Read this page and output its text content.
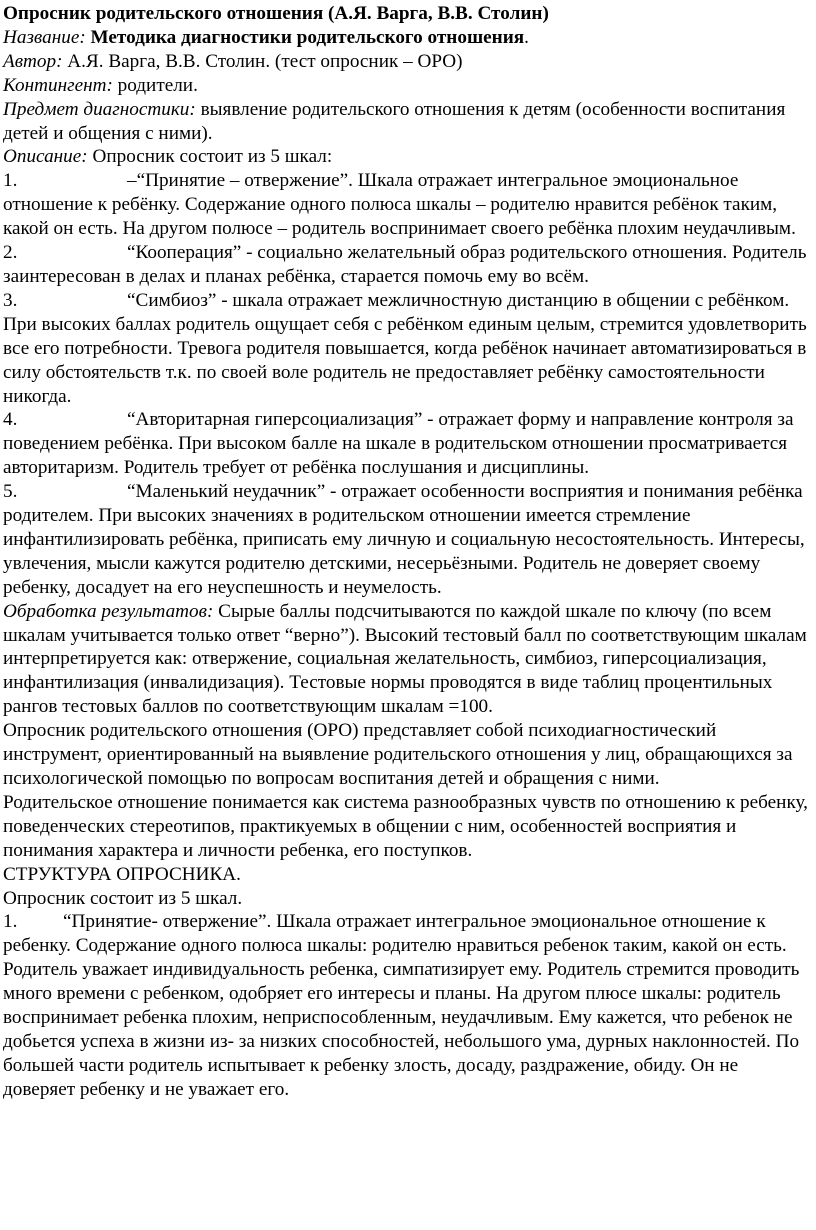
Опросник родительского отношения (А.Я. Варга, В.В. Столин)

Название: Методика диагностики родительского отношения.

Автор: А.Я. Варга, В.В. Столин. (тест опросник – ОРО)

Контингент: родители.

Предмет диагностики: выявление родительского отношения к детям (особенности воспитания детей и общения с ними).

Описание: Опросник состоит из 5 шкал:

1.	–“Принятие – отвержение”. Шкала отражает интегральное эмоциональное отношение к ребёнку. Содержание одного полюса шкалы – родителю нравится ребёнок таким, какой он есть. На другом полюсе – родитель воспринимает своего ребёнка плохим неудачливым.

2.	“Кооперация” - социально желательный образ родительского отношения. Родитель заинтересован в делах и планах ребёнка, старается помочь ему во всём.

3.	“Симбиоз” - шкала отражает межличностную дистанцию в общении с ребёнком. При высоких баллах родитель ощущает себя с ребёнком единым целым, стремится удовлетворить все его потребности. Тревога родителя повышается, когда ребёнок начинает автоматизироваться в силу обстоятельств т.к. по своей воле родитель не предоставляет ребёнку самостоятельности никогда.

4.	“Авторитарная гиперсоциализация” - отражает форму и направление контроля за поведением ребёнка. При высоком балле на шкале в родительском отношении просматривается авторитаризм. Родитель требует от ребёнка послушания и дисциплины.

5.	“Маленький неудачник” - отражает особенности восприятия и понимания ребёнка родителем. При высоких значениях в родительском отношении имеется стремление инфантилизировать ребёнка, приписать ему личную и социальную несостоятельность. Интересы, увлечения, мысли кажутся родителю детскими, несерьёзными. Родитель не доверяет своему ребенку, досадует на его неуспешность и неумелость.

Обработка результатов: Сырые баллы подсчитываются по каждой шкале по ключу (по всем шкалам учитывается только ответ “верно”). Высокий тестовый балл по соответствующим шкалам интерпретируется как: отвержение, социальная желательность, симбиоз, гиперсоциализация, инфантилизация (инвалидизация). Тестовые нормы проводятся в виде таблиц процентильных рангов тестовых баллов по соответствующим шкалам =100.

Опросник родительского отношения (ОРО) представляет собой психодиагностический инструмент, ориентированный на выявление родительского отношения у лиц, обращающихся за психологической помощью по вопросам воспитания детей и обращения с ними.

Родительское отношение понимается как система разнообразных чувств по отношению к ребенку, поведенческих стереотипов, практикуемых в общении с ним, особенностей восприятия и понимания характера и личности ребенка, его поступков.

СТРУКТУРА ОПРОСНИКА.

Опросник состоит из 5 шкал.

1. “Принятие- отвержение”. Шкала отражает интегральное эмоциональное отношение к ребенку. Содержание одного полюса шкалы: родителю нравиться ребенок таким, какой он есть. Родитель уважает индивидуальность ребенка, симпатизирует ему. Родитель стремится проводить много времени с ребенком, одобряет его интересы и планы. На другом плюсе шкалы: родитель воспринимает ребенка плохим, неприспособленным, неудачливым. Ему кажется, что ребенок не добьется успеха в жизни из- за низких способностей, небольшого ума, дурных наклонностей. По большей части родитель испытывает к ребенку злость, досаду, раздражение, обиду. Он не доверяет ребенку и не уважает его.
